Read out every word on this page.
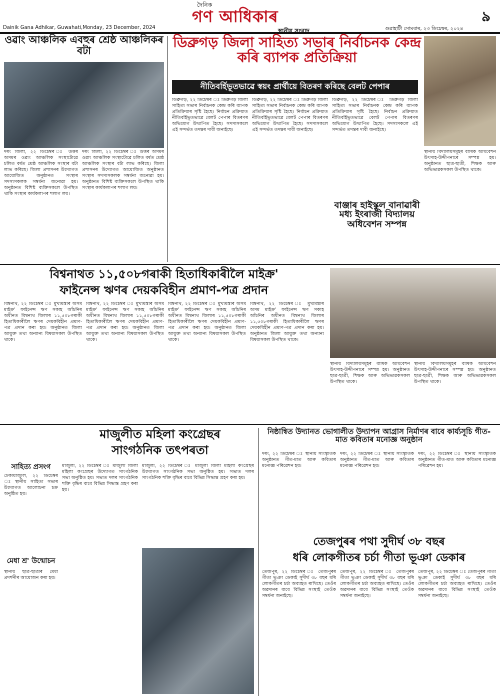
দৈনিক
গণ আধিকাৰ	৯
Dainik Gana Adhikar, Guwahati,Monday, 23 December, 2024	গুৱাহাটী সোমবাৰ, ২৩ ডিচেম্বৰ, ২০২৪
ওৱাং আঞ্চলিক এবহুৰ শ্ৰেষ্ঠ আঞ্চলিকৰ বটা
দৰং জিলা, ২২ ডিচেম্বৰ ঃ উত্তৰ অসমৰ ওৱাং আঞ্চলিক সংস্থাটোৱে চলিত বৰ্ষত শ্ৰেষ্ঠ আঞ্চলিক সংস্থাৰ বটা লাভ কৰিছে। জিলা প্ৰশাসনৰ উদ্যোগত আয়োজিত অনুষ্ঠানত সংস্থাৰ সদস্যসকলক সম্বৰ্ধনা জনোৱা হয়। অনুষ্ঠানত বিশিষ্ট ব্যক্তিসকলে উপস্থিত থাকি সংস্থাৰ কাৰ্যকলাপৰ শলাগ লয়।
দৰং জিলা, ২২ ডিচেম্বৰ ঃ উত্তৰ অসমৰ ওৱাং আঞ্চলিক সংস্থাটোৱে চলিত বৰ্ষত শ্ৰেষ্ঠ আঞ্চলিক সংস্থাৰ বটা লাভ কৰিছে। জিলা প্ৰশাসনৰ উদ্যোগত আয়োজিত অনুষ্ঠানত সংস্থাৰ সদস্যসকলক সম্বৰ্ধনা জনোৱা হয়। অনুষ্ঠানত বিশিষ্ট ব্যক্তিসকলে উপস্থিত থাকি সংস্থাৰ কাৰ্যকলাপৰ শলাগ লয়।
ডিব্ৰুগড় জিলা সাহিত্য সভাৰ নিৰ্বাচনক কেন্দ্ৰ কৰি ব্যাপক প্ৰতিক্ৰিয়া
নীতিবৰ্হিভূতভাৱে স্বয়ং প্ৰাৰ্থীয়ে বিতৰণ কৰিছে বেলট পেপাৰ
ডিব্ৰুগড়, ২২ ডিচেম্বৰ ঃ ডিব্ৰুগড় জিলা সাহিত্য সভাৰ নিৰ্বাচনক কেন্দ্ৰ কৰি ব্যাপক প্ৰতিক্ৰিয়াৰ সৃষ্টি হৈছে। নিৰ্বাচন প্ৰক্ৰিয়াত নীতিবৰ্হিভূতভাৱে বেলট পেপাৰ বিতৰণৰ অভিযোগ উত্থাপিত হৈছে। সদস্যসকলে এই সন্দৰ্ভত তদন্তৰ দাবী জনাইছে।
ডিব্ৰুগড়, ২২ ডিচেম্বৰ ঃ ডিব্ৰুগড় জিলা সাহিত্য সভাৰ নিৰ্বাচনক কেন্দ্ৰ কৰি ব্যাপক প্ৰতিক্ৰিয়াৰ সৃষ্টি হৈছে। নিৰ্বাচন প্ৰক্ৰিয়াত নীতিবৰ্হিভূতভাৱে বেলট পেপাৰ বিতৰণৰ অভিযোগ উত্থাপিত হৈছে। সদস্যসকলে এই সন্দৰ্ভত তদন্তৰ দাবী জনাইছে।
ডিব্ৰুগড়, ২২ ডিচেম্বৰ ঃ ডিব্ৰুগড় জিলা সাহিত্য সভাৰ নিৰ্বাচনক কেন্দ্ৰ কৰি ব্যাপক প্ৰতিক্ৰিয়াৰ সৃষ্টি হৈছে। নিৰ্বাচন প্ৰক্ৰিয়াত নীতিবৰ্হিভূতভাৱে বেলট পেপাৰ বিতৰণৰ অভিযোগ উত্থাপিত হৈছে। সদস্যসকলে এই সন্দৰ্ভত তদন্তৰ দাবী জনাইছে।
বাঞ্জাৰ হাইস্কুল বানাৱাৰী মধ্য ইংৰাজী বিদ্যালয় অধিবেশন সম্পন্ন
স্থানীয় বিদ্যালয়সমূহৰ বাৰ্ষিক অধিবেশন উৎসাহ-উদ্দীপনাৰে সম্পন্ন হয়। অনুষ্ঠানত ছাত্ৰ-ছাত্ৰী, শিক্ষক আৰু অভিভাৱকসকল উপস্থিত থাকে।
বিশ্বনাথত ১১,৫০৮গৰাকী হিতাধিকাৰীলৈ মাইক্ৰ'
ফাইনেন্স ঋণৰ দেয়কবিহীন প্ৰমাণ-পত্ৰ প্ৰদান
বিশ্বনাথ, ২২ ডিচেম্বৰ ঃ মুখ্যমন্ত্ৰীৰ অসম মাইক্ৰ' ফাইনেন্স ঋণ সকাহ আঁচনিৰ অধীনত বিশ্বনাথ জিলাৰ ১১,৫০৮গৰাকী হিতাধিকাৰীলৈ ঋণৰ দেয়কবিহীন প্ৰমাণ-পত্ৰ প্ৰদান কৰা হয়। অনুষ্ঠানত জিলা আয়ুক্ত তথা অন্যান্য বিষয়াসকল উপস্থিত থাকে।
বিশ্বনাথ, ২২ ডিচেম্বৰ ঃ মুখ্যমন্ত্ৰীৰ অসম মাইক্ৰ' ফাইনেন্স ঋণ সকাহ আঁচনিৰ অধীনত বিশ্বনাথ জিলাৰ ১১,৫০৮গৰাকী হিতাধিকাৰীলৈ ঋণৰ দেয়কবিহীন প্ৰমাণ-পত্ৰ প্ৰদান কৰা হয়। অনুষ্ঠানত জিলা আয়ুক্ত তথা অন্যান্য বিষয়াসকল উপস্থিত থাকে।
বিশ্বনাথ, ২২ ডিচেম্বৰ ঃ মুখ্যমন্ত্ৰীৰ অসম মাইক্ৰ' ফাইনেন্স ঋণ সকাহ আঁচনিৰ অধীনত বিশ্বনাথ জিলাৰ ১১,৫০৮গৰাকী হিতাধিকাৰীলৈ ঋণৰ দেয়কবিহীন প্ৰমাণ-পত্ৰ প্ৰদান কৰা হয়। অনুষ্ঠানত জিলা আয়ুক্ত তথা অন্যান্য বিষয়াসকল উপস্থিত থাকে।
বিশ্বনাথ, ২২ ডিচেম্বৰ ঃ মুখ্যমন্ত্ৰীৰ অসম মাইক্ৰ' ফাইনেন্স ঋণ সকাহ আঁচনিৰ অধীনত বিশ্বনাথ জিলাৰ ১১,৫০৮গৰাকী হিতাধিকাৰীলৈ ঋণৰ দেয়কবিহীন প্ৰমাণ-পত্ৰ প্ৰদান কৰা হয়। অনুষ্ঠানত জিলা আয়ুক্ত তথা অন্যান্য বিষয়াসকল উপস্থিত থাকে।
স্থানীয় বিদ্যালয়সমূহৰ বাৰ্ষিক অধিবেশন উৎসাহ-উদ্দীপনাৰে সম্পন্ন হয়। অনুষ্ঠানত ছাত্ৰ-ছাত্ৰী, শিক্ষক আৰু অভিভাৱকসকল উপস্থিত থাকে।
স্থানীয় বিদ্যালয়সমূহৰ বাৰ্ষিক অধিবেশন উৎসাহ-উদ্দীপনাৰে সম্পন্ন হয়। অনুষ্ঠানত ছাত্ৰ-ছাত্ৰী, শিক্ষক আৰু অভিভাৱকসকল উপস্থিত থাকে।
মাজুলীত মহিলা কংগ্ৰেছৰ
সাংগঠনিক তৎপৰতা
সাহিত্য প্ৰসংগ
ঢেকীয়াজুলি, ২২ ডিচেম্বৰ ঃ স্থানীয় সাহিত্য সভাৰ উদ্যোগত আলোচনা চক্ৰ অনুষ্ঠিত হয়।
মেধা শ্ৰ' উন্মোচন
স্থানীয় ছাত্ৰ-ছাত্ৰীৰ মেধা প্ৰদৰ্শনীৰ আয়োজন কৰা হয়।
মাজুলী, ২২ ডিচেম্বৰ ঃ মাজুলী জিলা মহিলা কংগ্ৰেছৰ উদ্যোগত সাংগঠনিক সভা অনুষ্ঠিত হয়। সভাত দলৰ সাংগঠনিক শক্তি বৃদ্ধিৰ বাবে বিভিন্ন সিদ্ধান্ত গ্ৰহণ কৰা হয়।
মাজুলী, ২২ ডিচেম্বৰ ঃ মাজুলী জিলা মহিলা কংগ্ৰেছৰ উদ্যোগত সাংগঠনিক সভা অনুষ্ঠিত হয়। সভাত দলৰ সাংগঠনিক শক্তি বৃদ্ধিৰ বাবে বিভিন্ন সিদ্ধান্ত গ্ৰহণ কৰা হয়।
নিষ্ঠান্বিত উদ্যানত ভোগালীত উদ্যাপন আগ্রাস নিৰ্মাণৰ বাবে কাৰ্য্যসূচি গীত-মাত কবিতাৰ মনোজ্ঞ অনুষ্ঠান
দৰং, ২২ ডিচেম্বৰ ঃ স্থানীয় সাংস্কৃতিক অনুষ্ঠানত গীত-মাত আৰু কবিতাৰ মনোজ্ঞ পৰিৱেশন হয়।
দৰং, ২২ ডিচেম্বৰ ঃ স্থানীয় সাংস্কৃতিক অনুষ্ঠানত গীত-মাত আৰু কবিতাৰ মনোজ্ঞ পৰিৱেশন হয়।
দৰং, ২২ ডিচেম্বৰ ঃ স্থানীয় সাংস্কৃতিক অনুষ্ঠানত গীত-মাত আৰু কবিতাৰ মনোজ্ঞ পৰিৱেশন হয়।
তেজপুৰৰ পথা সুদীৰ্ঘ ৩৮ বছৰ
ধৰি লোকগীতৰ চৰ্চা গীতা ভূঞা ডেকাৰ
তেজপুৰ, ২২ ডিচেম্বৰ ঃ তেজপুৰৰ গীতা ভূঞা ডেকাই সুদীৰ্ঘ ৩৮ বছৰ ধৰি লোকগীতৰ চৰ্চা অব্যাহত ৰাখিছে। তেওঁৰ অৱদানৰ বাবে বিভিন্ন সংস্থাই তেওঁক সম্বৰ্ধনা জনাইছে।
তেজপুৰ, ২২ ডিচেম্বৰ ঃ তেজপুৰৰ গীতা ভূঞা ডেকাই সুদীৰ্ঘ ৩৮ বছৰ ধৰি লোকগীতৰ চৰ্চা অব্যাহত ৰাখিছে। তেওঁৰ অৱদানৰ বাবে বিভিন্ন সংস্থাই তেওঁক সম্বৰ্ধনা জনাইছে।
তেজপুৰ, ২২ ডিচেম্বৰ ঃ তেজপুৰৰ গীতা ভূঞা ডেকাই সুদীৰ্ঘ ৩৮ বছৰ ধৰি লোকগীতৰ চৰ্চা অব্যাহত ৰাখিছে। তেওঁৰ অৱদানৰ বাবে বিভিন্ন সংস্থাই তেওঁক সম্বৰ্ধনা জনাইছে।
